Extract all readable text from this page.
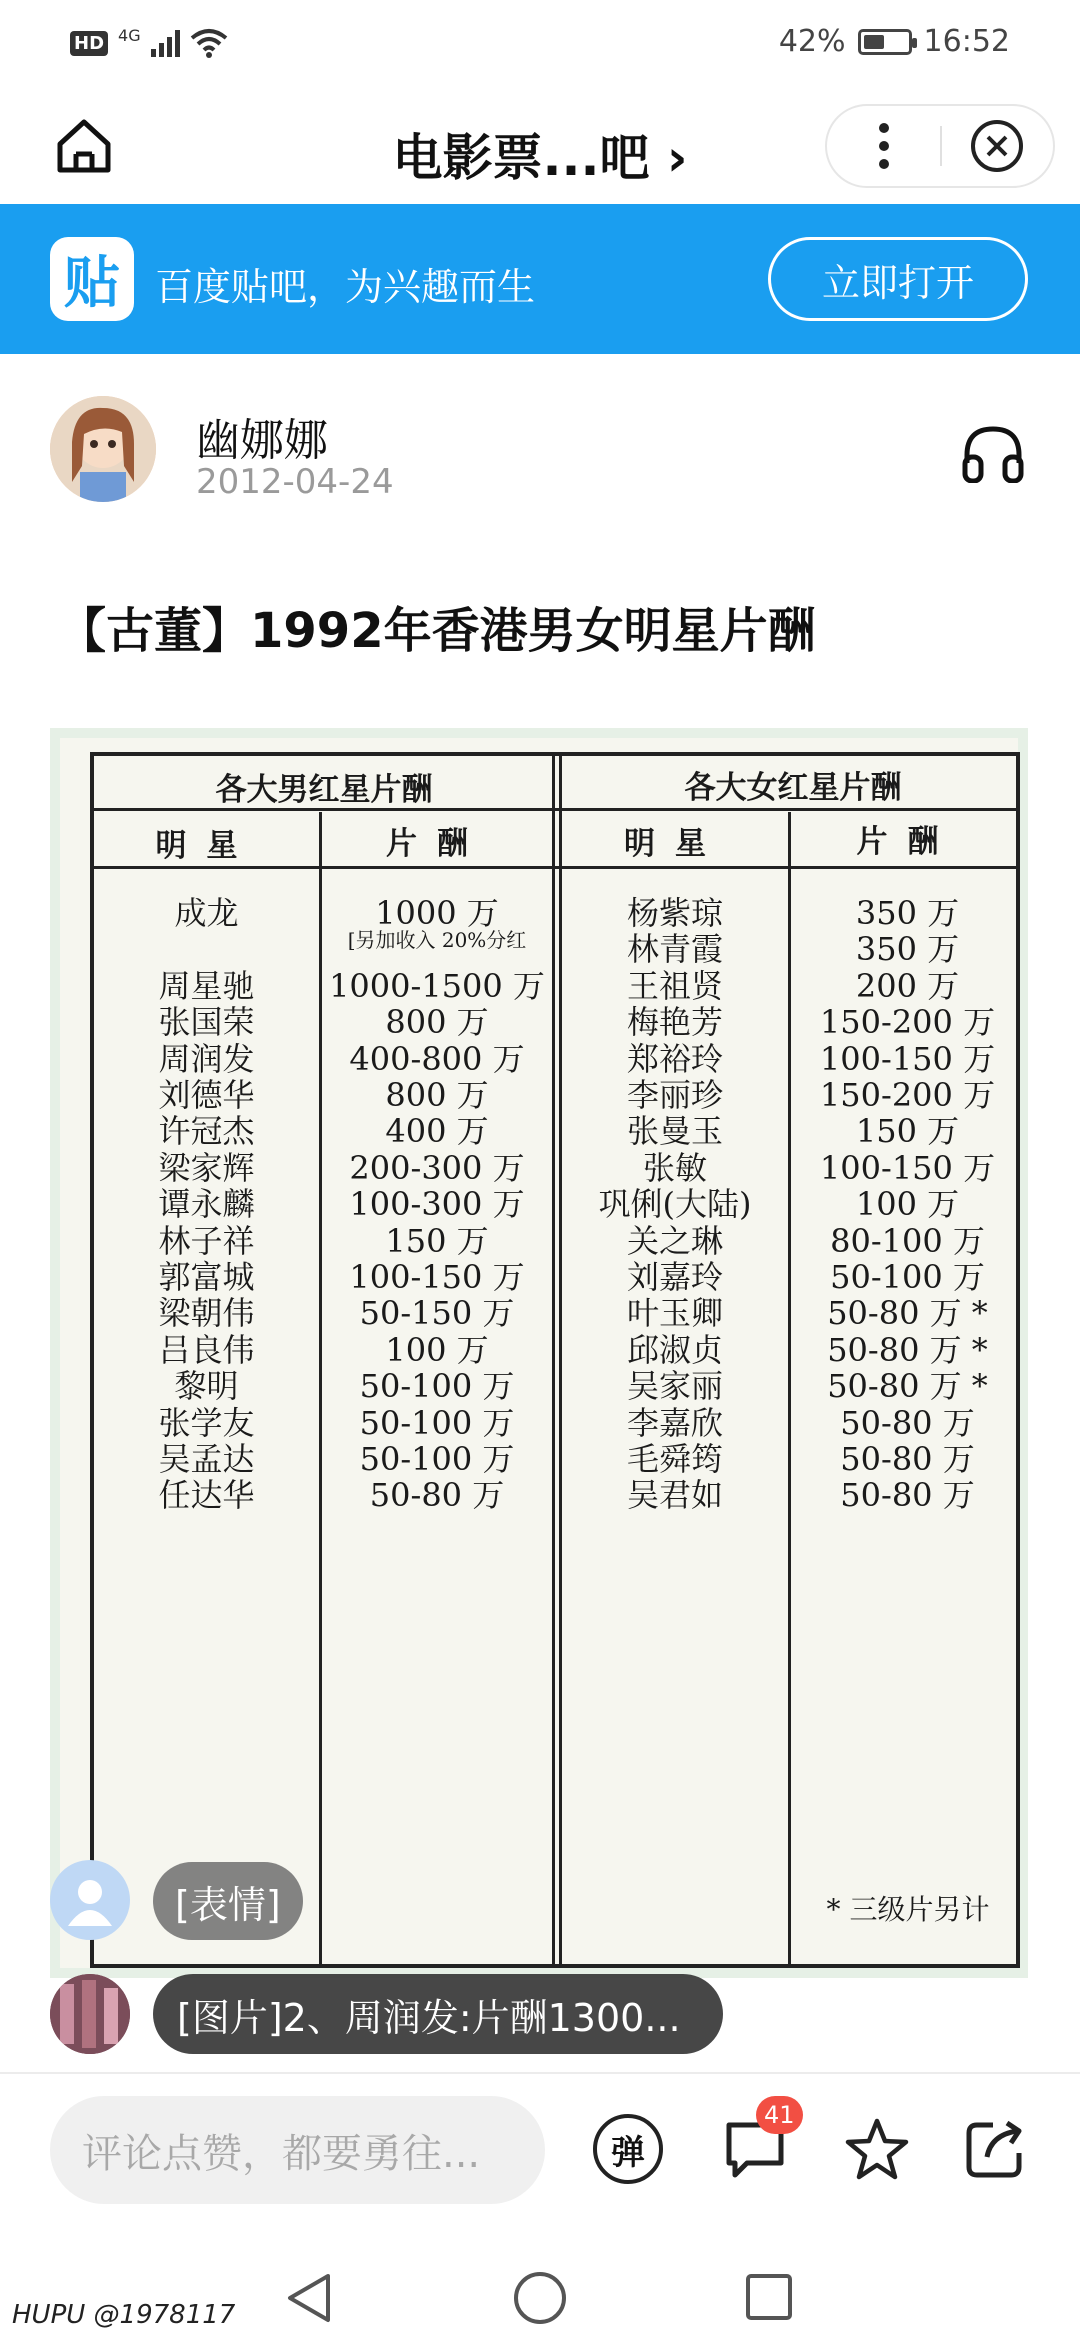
HD 4G	42%	16:52
电影票...吧 ›
贴 百度贴吧，为兴趣而生	立即打开
幽娜娜
2012-04-24
【古董】1992年香港男女明星片酬
各大男红星片酬	各大女红星片酬
明星	片酬	明星	片酬
* 三级片另计
成龙	1000 万
[另加收入 20%分红
周星驰	1000-1500 万
张国荣	800 万
周润发	400-800 万
刘德华	800 万
许冠杰	400 万
梁家辉	200-300 万
谭永麟	100-300 万
林子祥	150 万
郭富城	100-150 万
梁朝伟	50-150 万
吕良伟	100 万
黎明	50-100 万
张学友	50-100 万
吴孟达	50-100 万
任达华	50-80 万
杨紫琼	350 万
林青霞	350 万
王祖贤	200 万
梅艳芳	150-200 万
郑裕玲	100-150 万
李丽珍	150-200 万
张曼玉	150 万
张敏	100-150 万
巩俐(大陆)	100 万
关之琳	80-100 万
刘嘉玲	50-100 万
叶玉卿	50-80 万 *
邱淑贞	50-80 万 *
吴家丽	50-80 万 *
李嘉欣	50-80 万
毛舜筠	50-80 万
吴君如	50-80 万
[表情]
[图片]2、周润发:片酬1300...
评论点赞，都要勇往...	弹
41
HUPU @1978117
